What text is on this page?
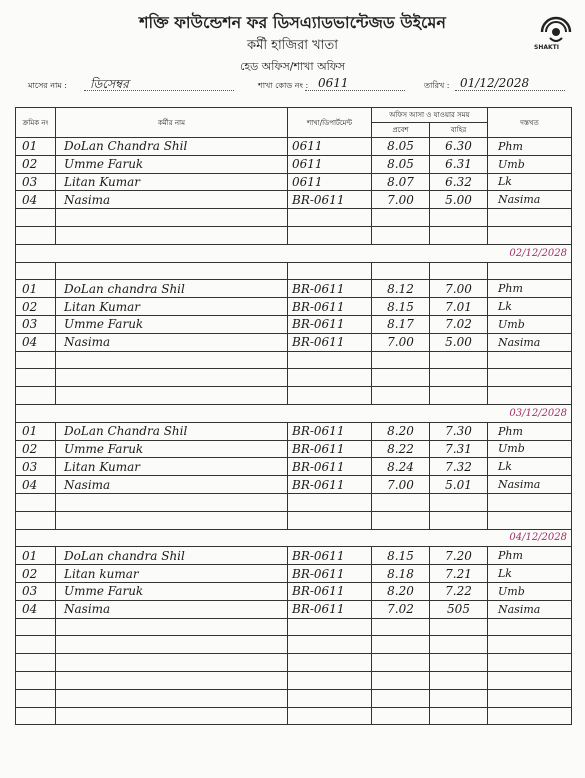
শক্তি ফাউন্ডেশন ফর ডিসএ্যাডভান্টেজড উইমেন
কর্মী হাজিরা খাতা
হেড অফিস/শাখা অফিস
SHAKTI
মাসের নাম : ডিসেম্বর	শাখা কোড নং : 0611	তারিখ : 01/12/2028
ক্রমিক নং	কর্মীর নাম	শাখা/ডিপার্টমেন্ট	অফিস আসা ও যাওয়ার সময়		দস্তখত
			প্রবেশ	বাহির	
01	DoLan Chandra Shil	0611	8.05	6.30	Phm
02	Umme Faruk	0611	8.05	6.31	Umb
03	Litan Kumar	0611	8.07	6.32	Lk
04	Nasima	BR-0611	7.00	5.00	Nasima

02/12/2028					

01	DoLan chandra Shil	BR-0611	8.12	7.00	Phm
02	Litan Kumar	BR-0611	8.15	7.01	Lk
03	Umme Faruk	BR-0611	8.17	7.02	Umb
04	Nasima	BR-0611	7.00	5.00	Nasima

03/12/2028					
01	DoLan Chandra Shil	BR-0611	8.20	7.30	Phm
02	Umme Faruk	BR-0611	8.22	7.31	Umb
03	Litan Kumar	BR-0611	8.24	7.32	Lk
04	Nasima	BR-0611	7.00	5.01	Nasima

04/12/2028					
01	DoLan chandra Shil	BR-0611	8.15	7.20	Phm
02	Litan kumar	BR-0611	8.18	7.21	Lk
03	Umme Faruk	BR-0611	8.20	7.22	Umb
04	Nasima	BR-0611	7.02	505	Nasima
